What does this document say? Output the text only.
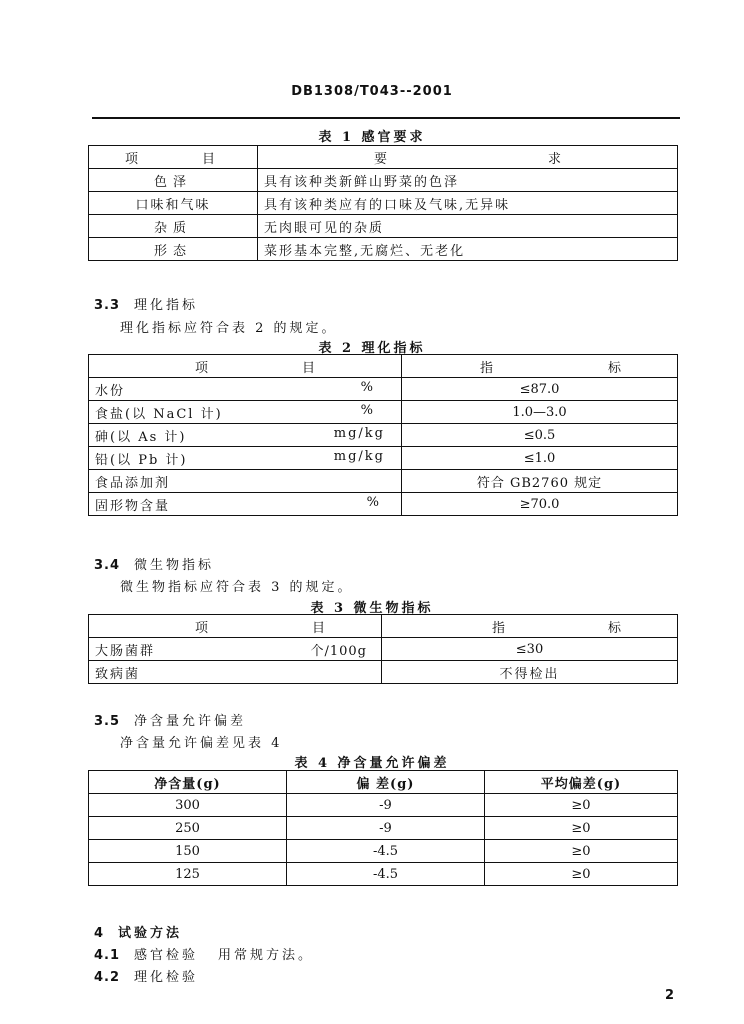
DB1308/T043--2001
表 1 感官要求
项 目	要 求

色泽	具有该种类新鲜山野菜的色泽
口味和气味	具有该种类应有的口味及气味,无异味
杂质	无肉眼可见的杂质
形态	菜形基本完整,无腐烂、无老化
3.3 理化指标
理化指标应符合表 2 的规定。
表 2 理化指标
项 目	指 标

水份 %	≤87.0

食盐(以 NaCl 计) %	1.0—3.0

砷(以 As 计) mg/kg	≤0.5

铅(以 Pb 计) mg/kg	≤1.0
食品添加剂	符合 GB2760 规定

固形物含量 %	≥70.0
3.4 微生物指标
微生物指标应符合表 3 的规定。
表 3 微生物指标
项 目	指 标

大肠菌群 个/100g	≤30
致病菌	不得检出
3.5 净含量允许偏差
净含量允许偏差见表 4
表 4 净含量允许偏差
净含量(g)	偏 差(g)	平均偏差(g)
300	-9	≥0
250	-9	≥0
150	-4.5	≥0
125	-4.5	≥0
4 试验方法
4.1 感官检验 用常规方法。
4.2 理化检验
2
